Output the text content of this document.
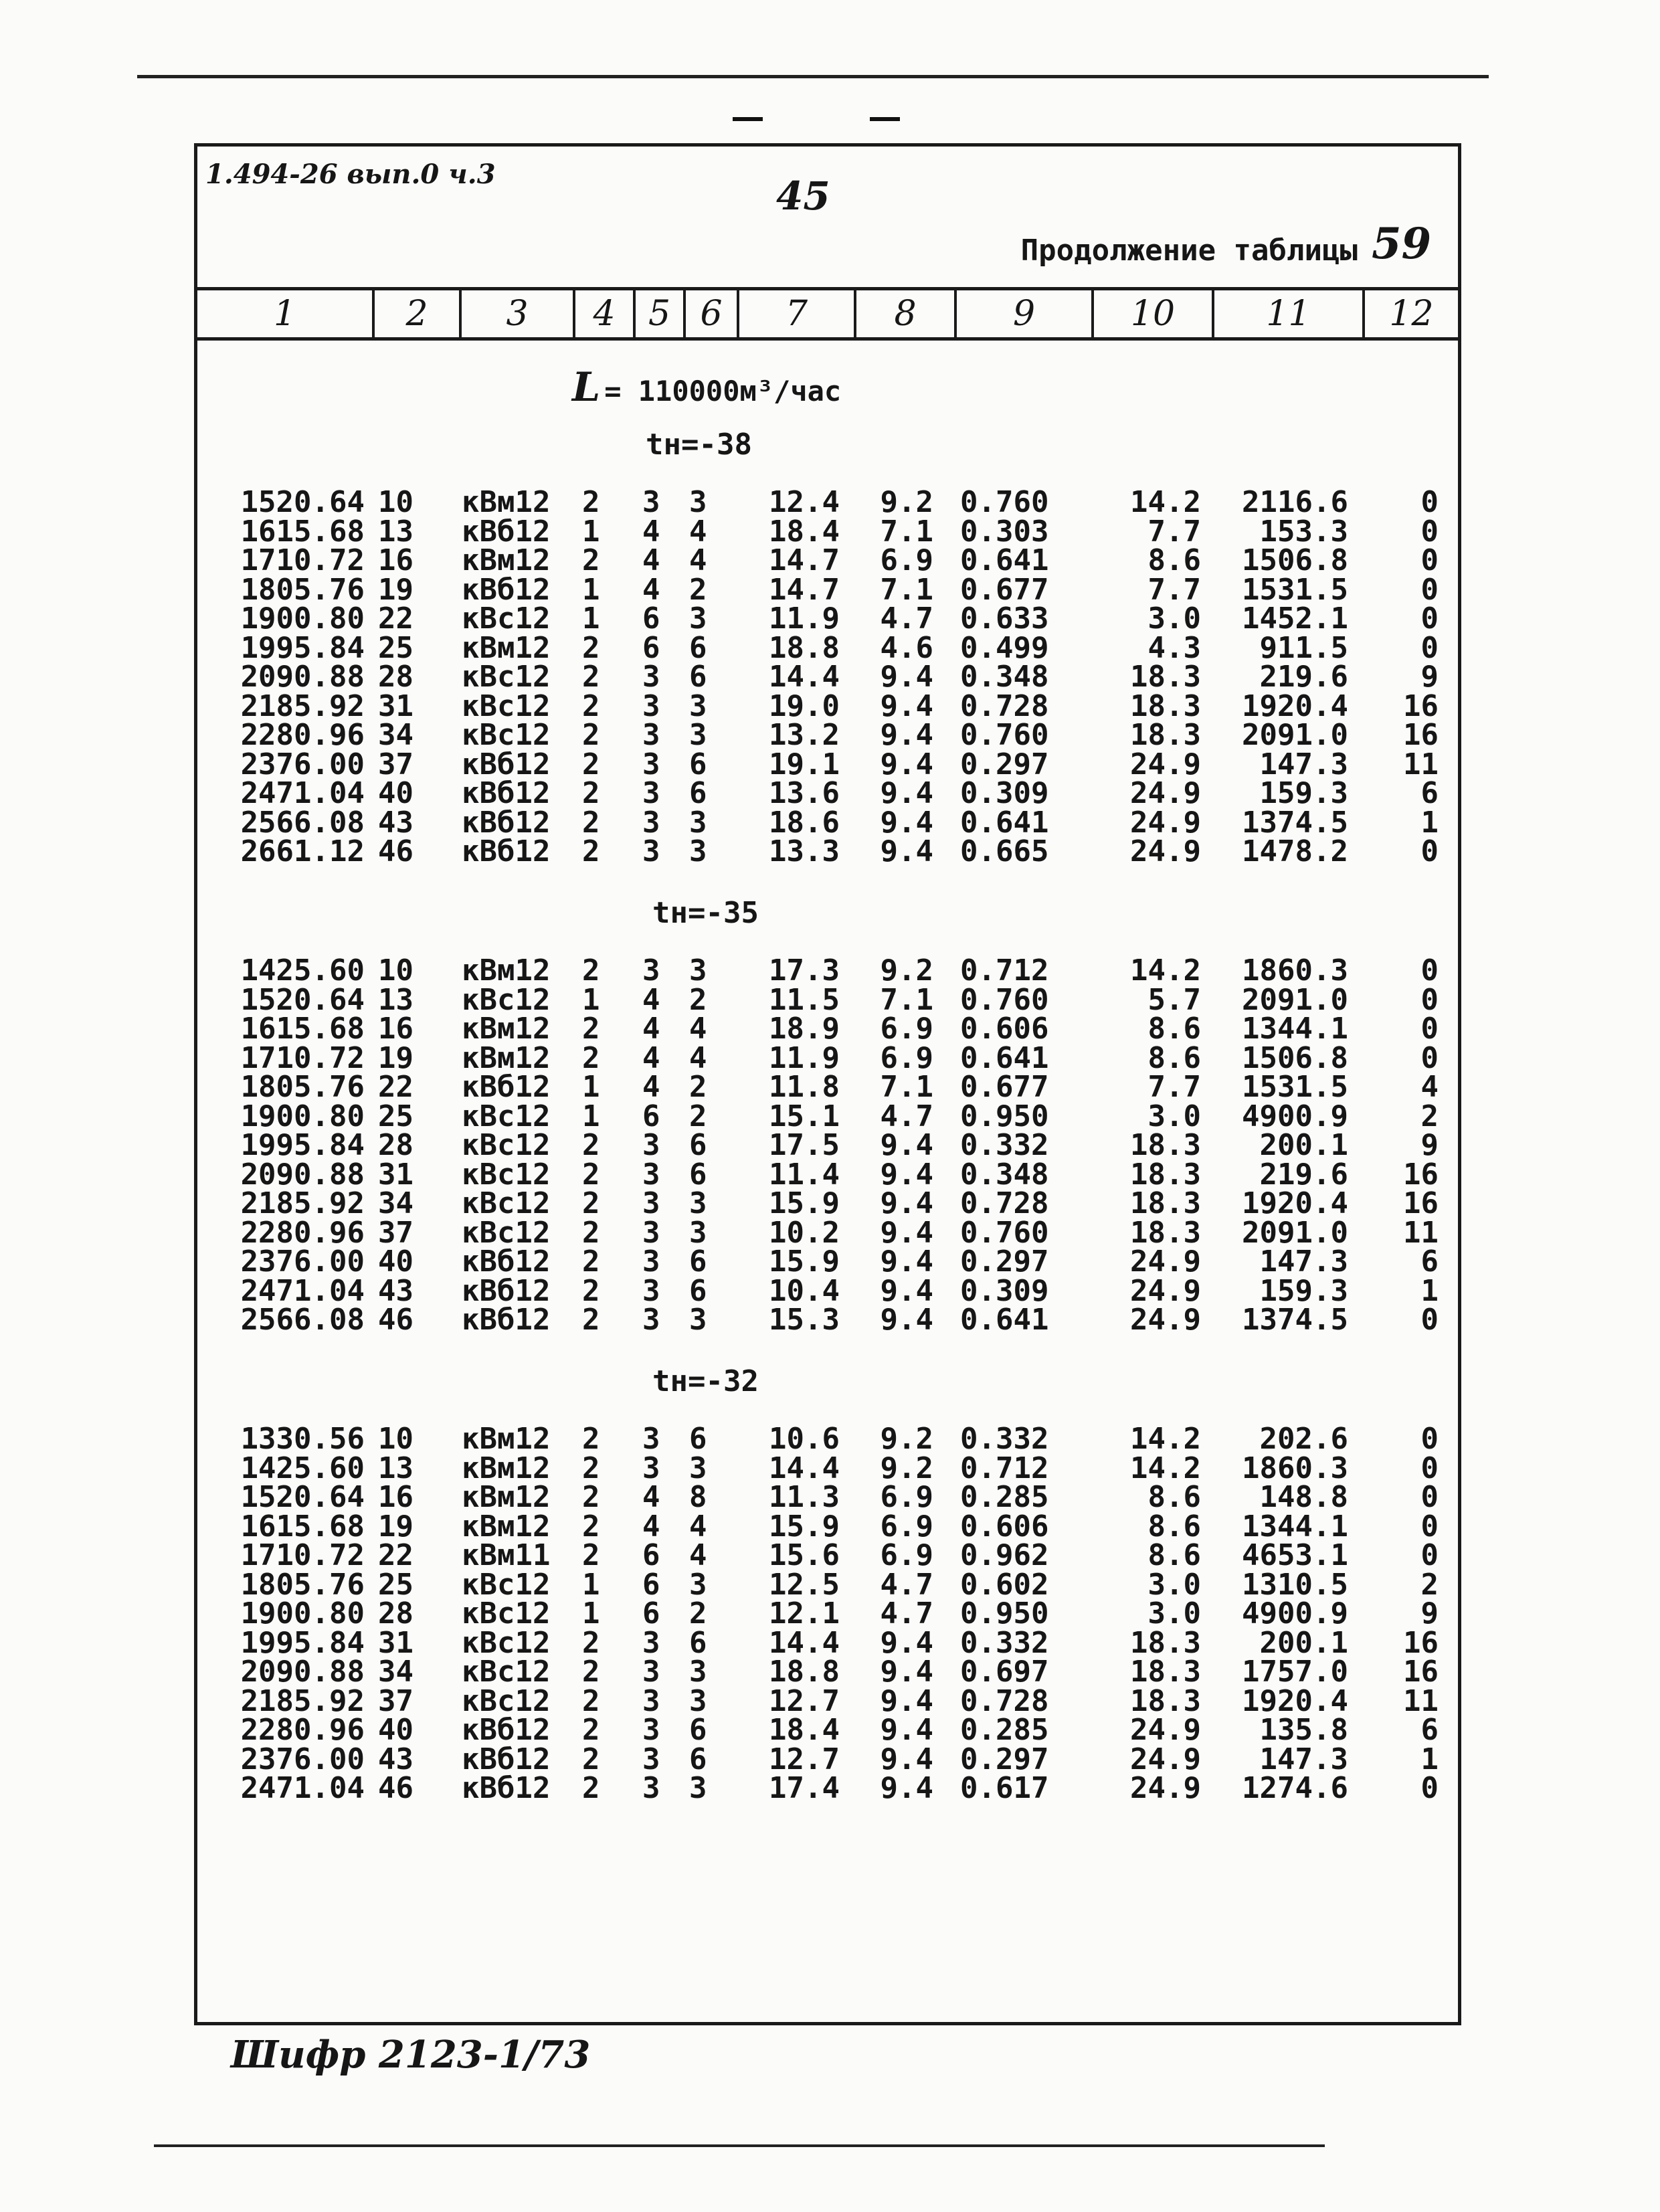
1.494-26 вып.0 ч.3	45
Продолжение таблицы 59
1	2	3	4 5 6	7	8	9	10	11	12
L = 110000м³/час
tн=-38
1520.64 10	кВм12	2	3 3	12.4	9.2 0.760	14.2	2116.6	0
1615.68 13	кВб12	1	4 4	18.4	7.1 0.303	7.7	153.3	0
1710.72 16	кВм12	2	4 4	14.7	6.9 0.641	8.6	1506.8	0
1805.76 19	кВб12	1	4 2	14.7	7.1 0.677	7.7	1531.5	0
1900.80 22	кВс12	1	6 3	11.9	4.7 0.633	3.0	1452.1	0
1995.84 25	кВм12	2	6 6	18.8	4.6 0.499	4.3	911.5	0
2090.88 28	кВс12	2	3 6	14.4	9.4 0.348	18.3	219.6	9
2185.92 31	кВс12	2	3 3	19.0	9.4 0.728	18.3	1920.4	16
2280.96 34	кВс12	2	3 3	13.2	9.4 0.760	18.3	2091.0	16
2376.00 37	кВб12	2	3 6	19.1	9.4 0.297	24.9	147.3	11
2471.04 40	кВб12	2	3 6	13.6	9.4 0.309	24.9	159.3	6
2566.08 43	кВб12	2	3 3	18.6	9.4 0.641	24.9	1374.5	1
2661.12 46	кВб12	2	3 3	13.3	9.4 0.665	24.9	1478.2	0
tн=-35
1425.60 10	кВм12	2	3 3	17.3	9.2 0.712	14.2	1860.3	0
1520.64 13	кВс12	1	4 2	11.5	7.1 0.760	5.7	2091.0	0
1615.68 16	кВм12	2	4 4	18.9	6.9 0.606	8.6	1344.1	0
1710.72 19	кВм12	2	4 4	11.9	6.9 0.641	8.6	1506.8	0
1805.76 22	кВб12	1	4 2	11.8	7.1 0.677	7.7	1531.5	4
1900.80 25	кВс12	1	6 2	15.1	4.7 0.950	3.0	4900.9	2
1995.84 28	кВс12	2	3 6	17.5	9.4 0.332	18.3	200.1	9
2090.88 31	кВс12	2	3 6	11.4	9.4 0.348	18.3	219.6	16
2185.92 34	кВс12	2	3 3	15.9	9.4 0.728	18.3	1920.4	16
2280.96 37	кВс12	2	3 3	10.2	9.4 0.760	18.3	2091.0	11
2376.00 40	кВб12	2	3 6	15.9	9.4 0.297	24.9	147.3	6
2471.04 43	кВб12	2	3 6	10.4	9.4 0.309	24.9	159.3	1
2566.08 46	кВб12	2	3 3	15.3	9.4 0.641	24.9	1374.5	0
tн=-32
1330.56 10	кВм12	2	3 6	10.6	9.2 0.332	14.2	202.6	0
1425.60 13	кВм12	2	3 3	14.4	9.2 0.712	14.2	1860.3	0
1520.64 16	кВм12	2	4 8	11.3	6.9 0.285	8.6	148.8	0
1615.68 19	кВм12	2	4 4	15.9	6.9 0.606	8.6	1344.1	0
1710.72 22	кВм11	2	6 4	15.6	6.9 0.962	8.6	4653.1	0
1805.76 25	кВс12	1	6 3	12.5	4.7 0.602	3.0	1310.5	2
1900.80 28	кВс12	1	6 2	12.1	4.7 0.950	3.0	4900.9	9
1995.84 31	кВс12	2	3 6	14.4	9.4 0.332	18.3	200.1	16
2090.88 34	кВс12	2	3 3	18.8	9.4 0.697	18.3	1757.0	16
2185.92 37	кВс12	2	3 3	12.7	9.4 0.728	18.3	1920.4	11
2280.96 40	кВб12	2	3 6	18.4	9.4 0.285	24.9	135.8	6
2376.00 43	кВб12	2	3 6	12.7	9.4 0.297	24.9	147.3	1
2471.04 46	кВб12	2	3 3	17.4	9.4 0.617	24.9	1274.6	0
Шифр 2123-1/73
